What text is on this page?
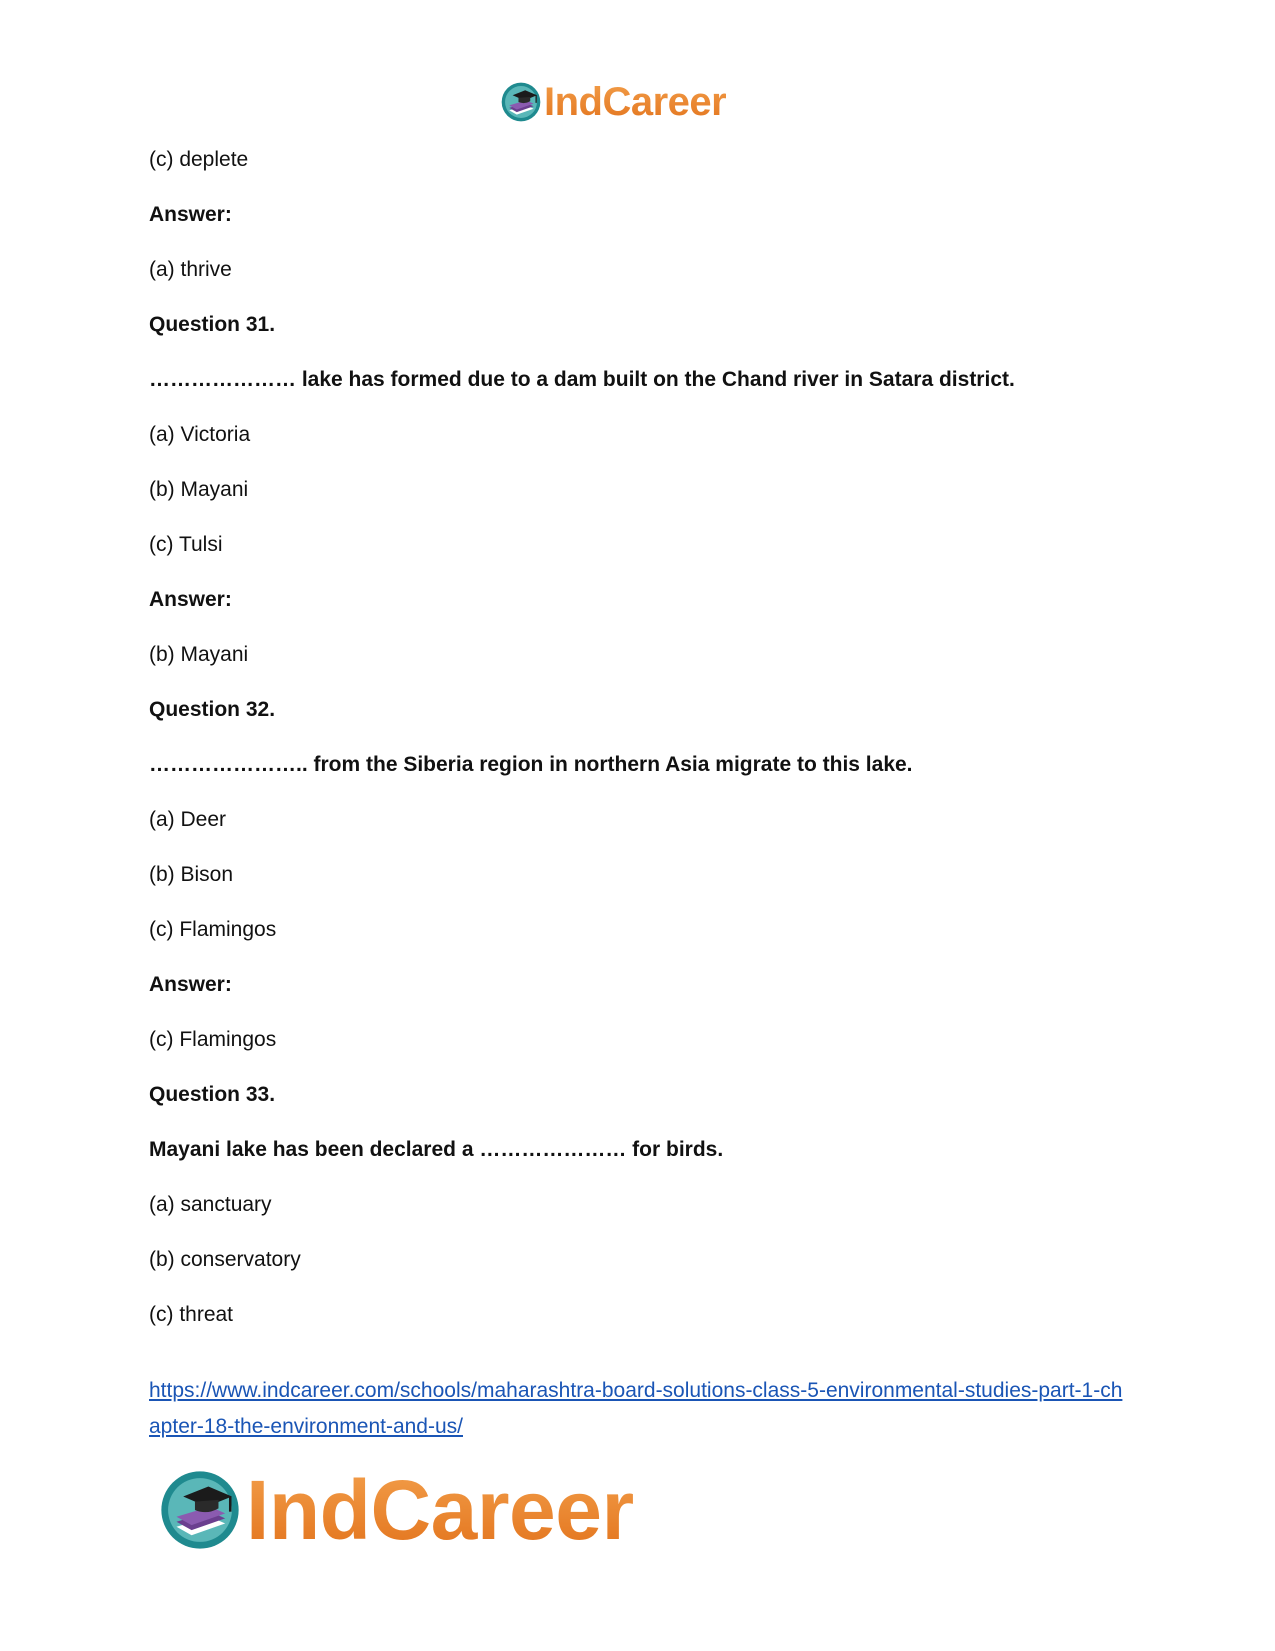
IndCareer
(c) deplete
Answer:
(a) thrive
Question 31.
………………… lake has formed due to a dam built on the Chand river in Satara district.
(a) Victoria
(b) Mayani
(c) Tulsi
Answer:
(b) Mayani
Question 32.
………………….. from the Siberia region in northern Asia migrate to this lake.
(a) Deer
(b) Bison
(c) Flamingos
Answer:
(c) Flamingos
Question 33.
Mayani lake has been declared a ………………… for birds.
(a) sanctuary
(b) conservatory
(c) threat
https://www.indcareer.com/schools/maharashtra-board-solutions-class-5-environmental-studies-part-1-chapter-18-the-environment-and-us/
IndCareer
